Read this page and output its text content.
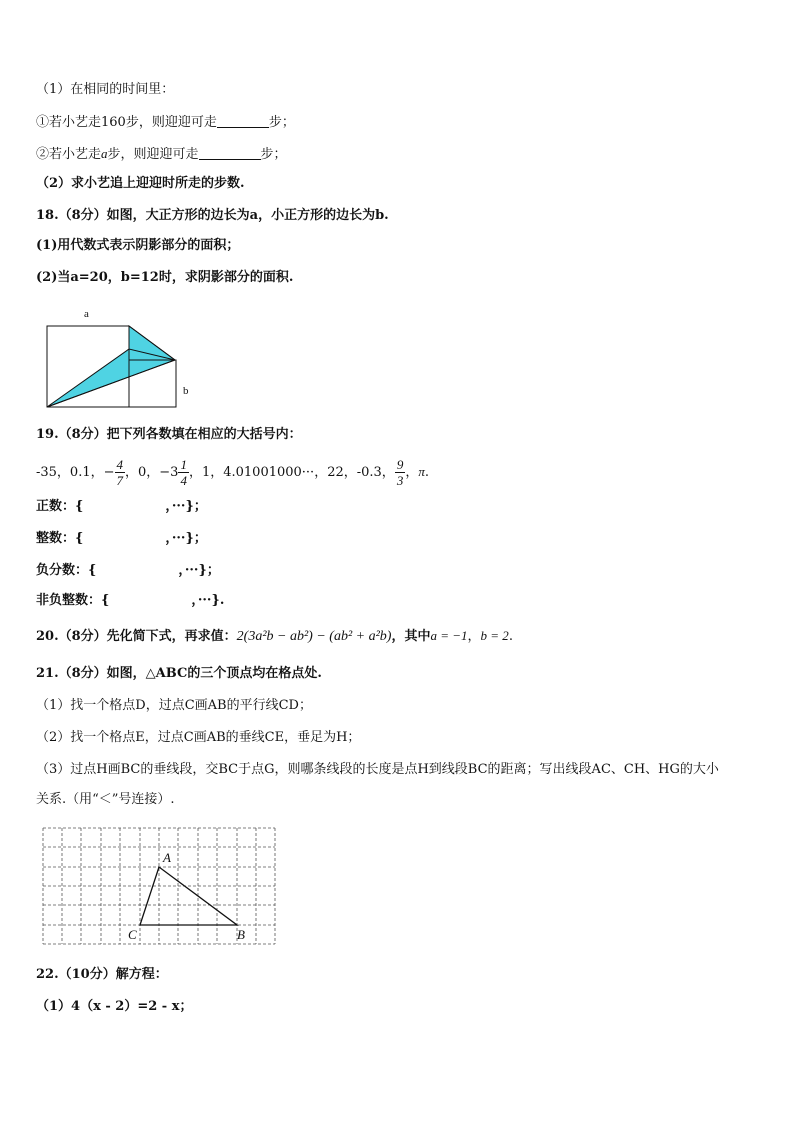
（1）在相同的时间里：
①若小艺走160步，则迎迎可走	步；
②若小艺走a步，则迎迎可走	步；
（2）求小艺追上迎迎时所走的步数.
18.（8分）如图，大正方形的边长为a，小正方形的边长为b.
(1)用代数式表示阴影部分的面积；
(2)当a=20，b=12时，求阴影部分的面积.
a
b
19.（8分）把下列各数填在相应的大括号内：
-35，0.1，− $\frac{4}{7}$ ，0，$-3 \frac{1}{4}$ ，1，4.01001000···，22，-0.3， $\frac{9}{3}$ ，π.
正数：{	，···}；
整数：{	，···}；
负分数：{	，···}；
非负整数：{	，···}.
20.（8分）先化简下式，再求值：2(3a²b − ab²) − (ab² + a²b)，其中a = −1，b = 2.
21.（8分）如图，△ABC的三个顶点均在格点处.
（1）找一个格点D，过点C画AB的平行线CD；
（2）找一个格点E，过点C画AB的垂线CE，垂足为H；
（3）过点H画BC的垂线段，交BC于点G，则哪条线段的长度是点H到线段BC的距离；写出线段AC、CH、HG的大小
关系.（用“＜”号连接）.
A
C	B
22.（10分）解方程：
（1）4（x - 2）=2 - x；
